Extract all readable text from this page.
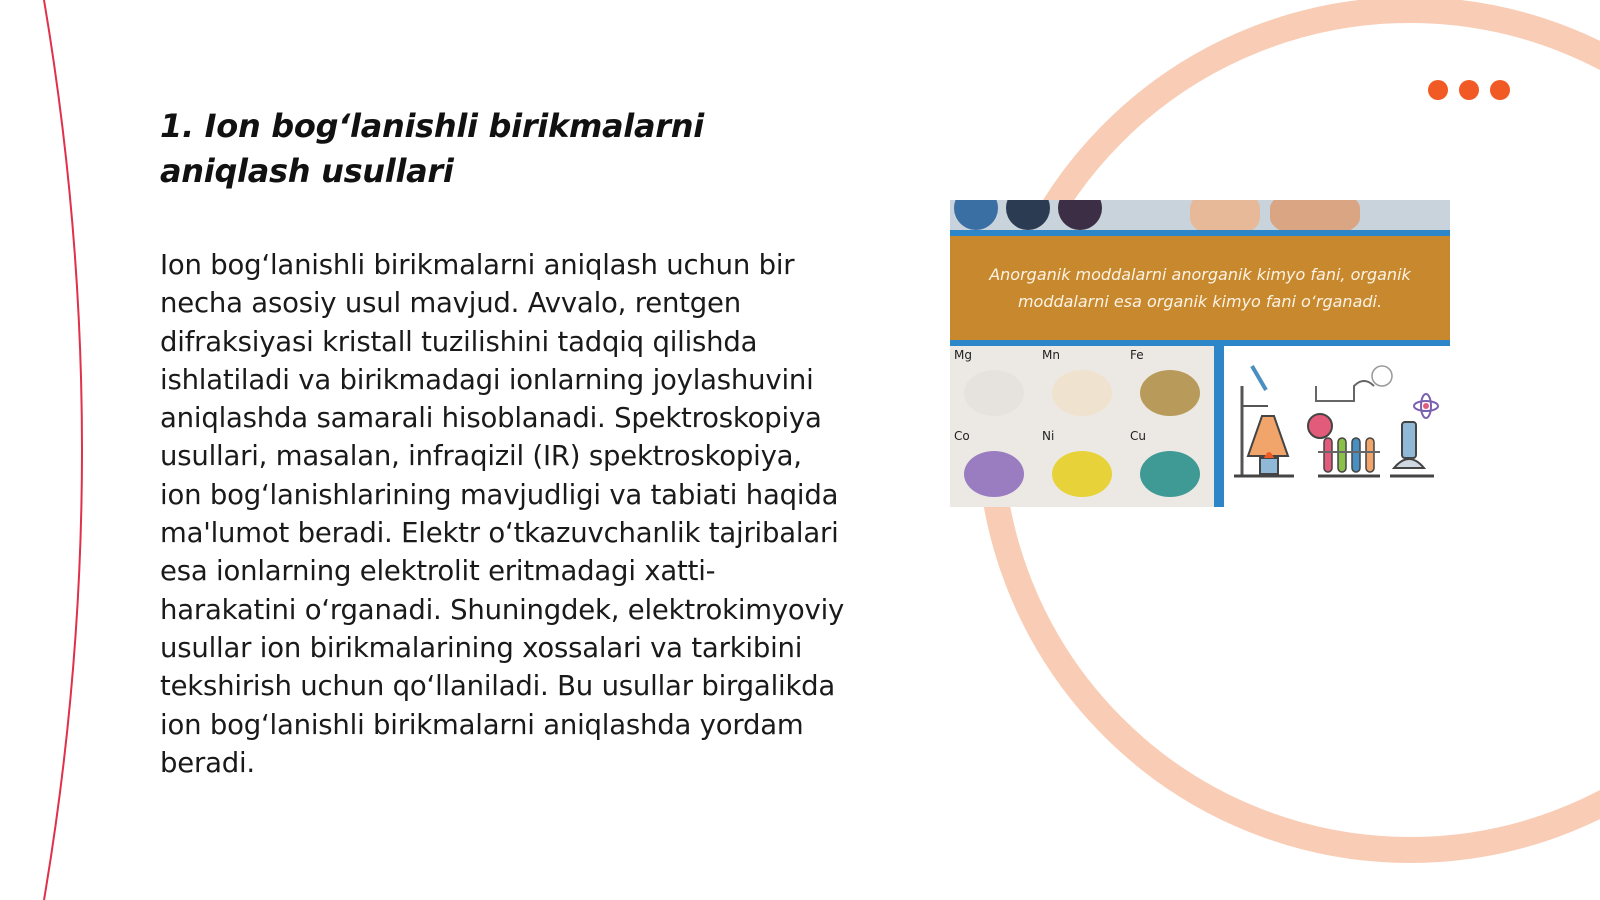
1. Ion bog‘lanishli birikmalarni aniqlash usullari
Ion bog‘lanishli birikmalarni aniqlash uchun bir necha asosiy usul mavjud. Avvalo, rentgen difraksiyasi kristall tuzilishini tadqiq qilishda ishlatiladi va birikmadagi ionlarning joylashuvini aniqlashda samarali hisoblanadi. Spektroskopiya usullari, masalan, infraqizil (IR) spektroskopiya, ion bog‘lanishlarining mavjudligi va tabiati haqida ma'lumot beradi. Elektr o‘tkazuvchanlik tajribalari esa ionlarning elektrolit eritmadagi xatti-harakatini o‘rganadi. Shuningdek, elektrokimyoviy usullar ion birikmalarining xossalari va tarkibini tekshirish uchun qo‘llaniladi. Bu usullar birgalikda ion bog‘lanishli birikmalarni aniqlashda yordam beradi.
Anorganik moddalarni anorganik kimyo fani, organik moddalarni esa organik kimyo fani o‘rganadi.
Mg	Mn	Fe
Co	Ni	Cu
